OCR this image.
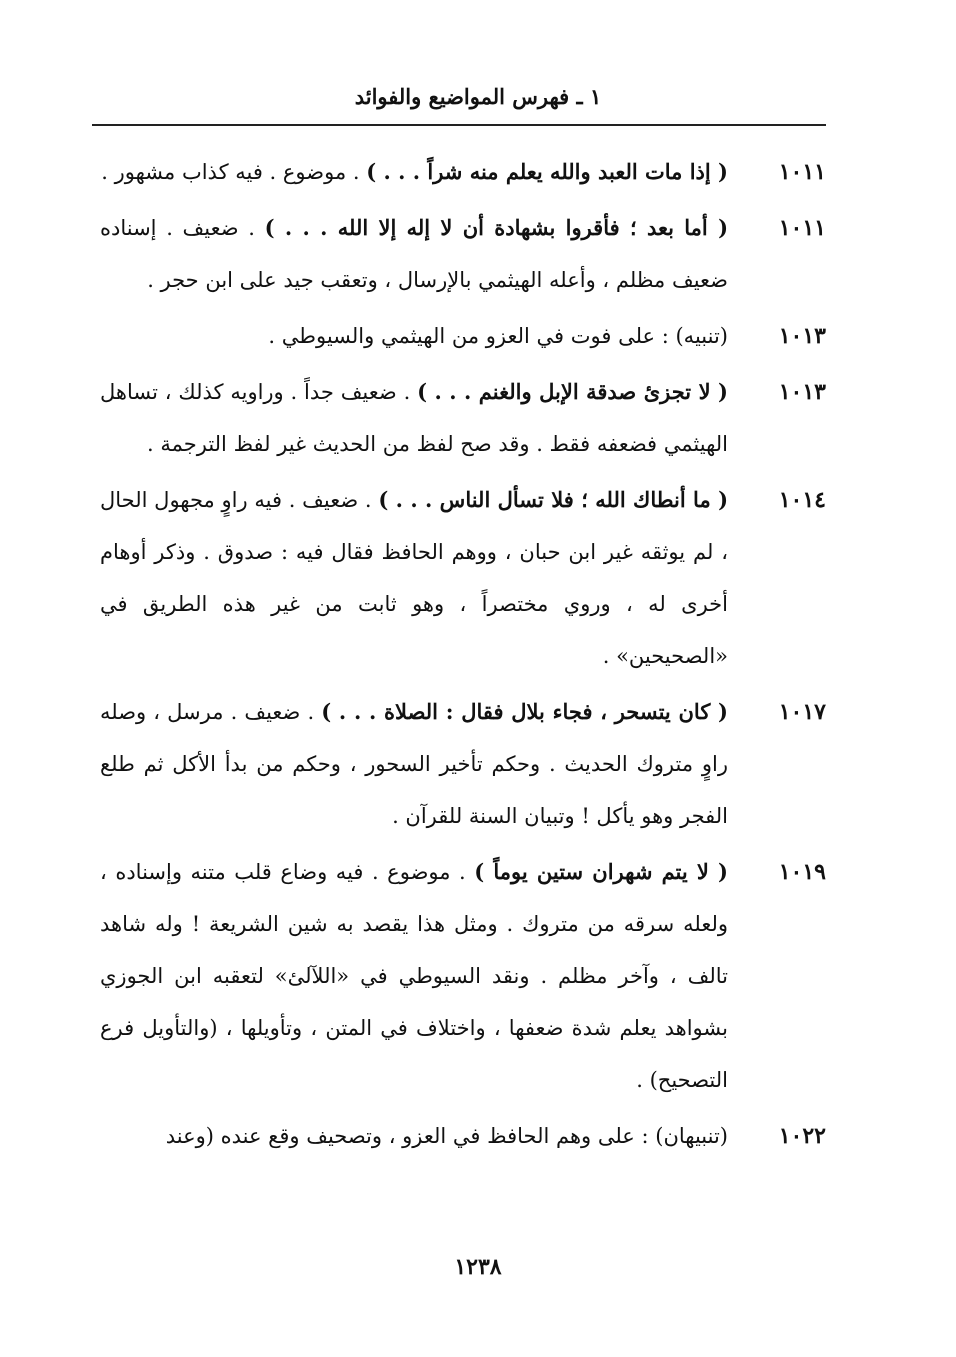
١ ـ فهرس المواضيع والفوائد
١٠١١
( إذا مات العبد والله يعلم منه شراً . . . ) . موضوع . فيه كذاب مشهور .
١٠١١
( أما بعد ؛ فأقروا بشهادة أن لا إله إلا الله . . . ) . ضعيف . إسناده ضعيف مظلم ، وأعله الهيثمي بالإرسال ، وتعقب جيد على ابن حجر .
١٠١٣
(تنبيه) : على فوت في العزو من الهيثمي والسيوطي .
١٠١٣
( لا تجزئ صدقة الإبل والغنم . . . ) . ضعيف جداً . وراويه كذلك ، تساهل الهيثمي فضعفه فقط . وقد صح لفظ من الحديث غير لفظ الترجمة .
١٠١٤
( ما أنطاك الله ؛ فلا تسأل الناس . . . ) . ضعيف . فيه راوٍ مجهول الحال ، لم يوثقه غير ابن حبان ، ووهم الحافظ فقال فيه : صدوق . وذكر أوهام أخرى له ، وروي مختصراً ، وهو ثابت من غير هذه الطريق في «الصحيحين» .
١٠١٧
( كان يتسحر ، فجاء بلال فقال : الصلاة . . . ) . ضعيف . مرسل ، وصله راوٍ متروك الحديث . وحكم تأخير السحور ، وحكم من بدأ الأكل ثم طلع الفجر وهو يأكل ! وتبيان السنة للقرآن .
١٠١٩
( لا يتم شهران ستين يوماً ) . موضوع . فيه وضاع قلب متنه وإسناده ، ولعله سرقه من متروك . ومثل هذا يقصد به شين الشريعة ! وله شاهد تالف ، وآخر مظلم . ونقد السيوطي في «اللآلئ» لتعقبه ابن الجوزي بشواهد يعلم شدة ضعفها ، واختلاف في المتن ، وتأويلها ، (والتأويل فرع التصحيح) .
١٠٢٢
(تنبيهان) : على وهم الحافظ في العزو ، وتصحيف وقع عنده (وعند
١٢٣٨
